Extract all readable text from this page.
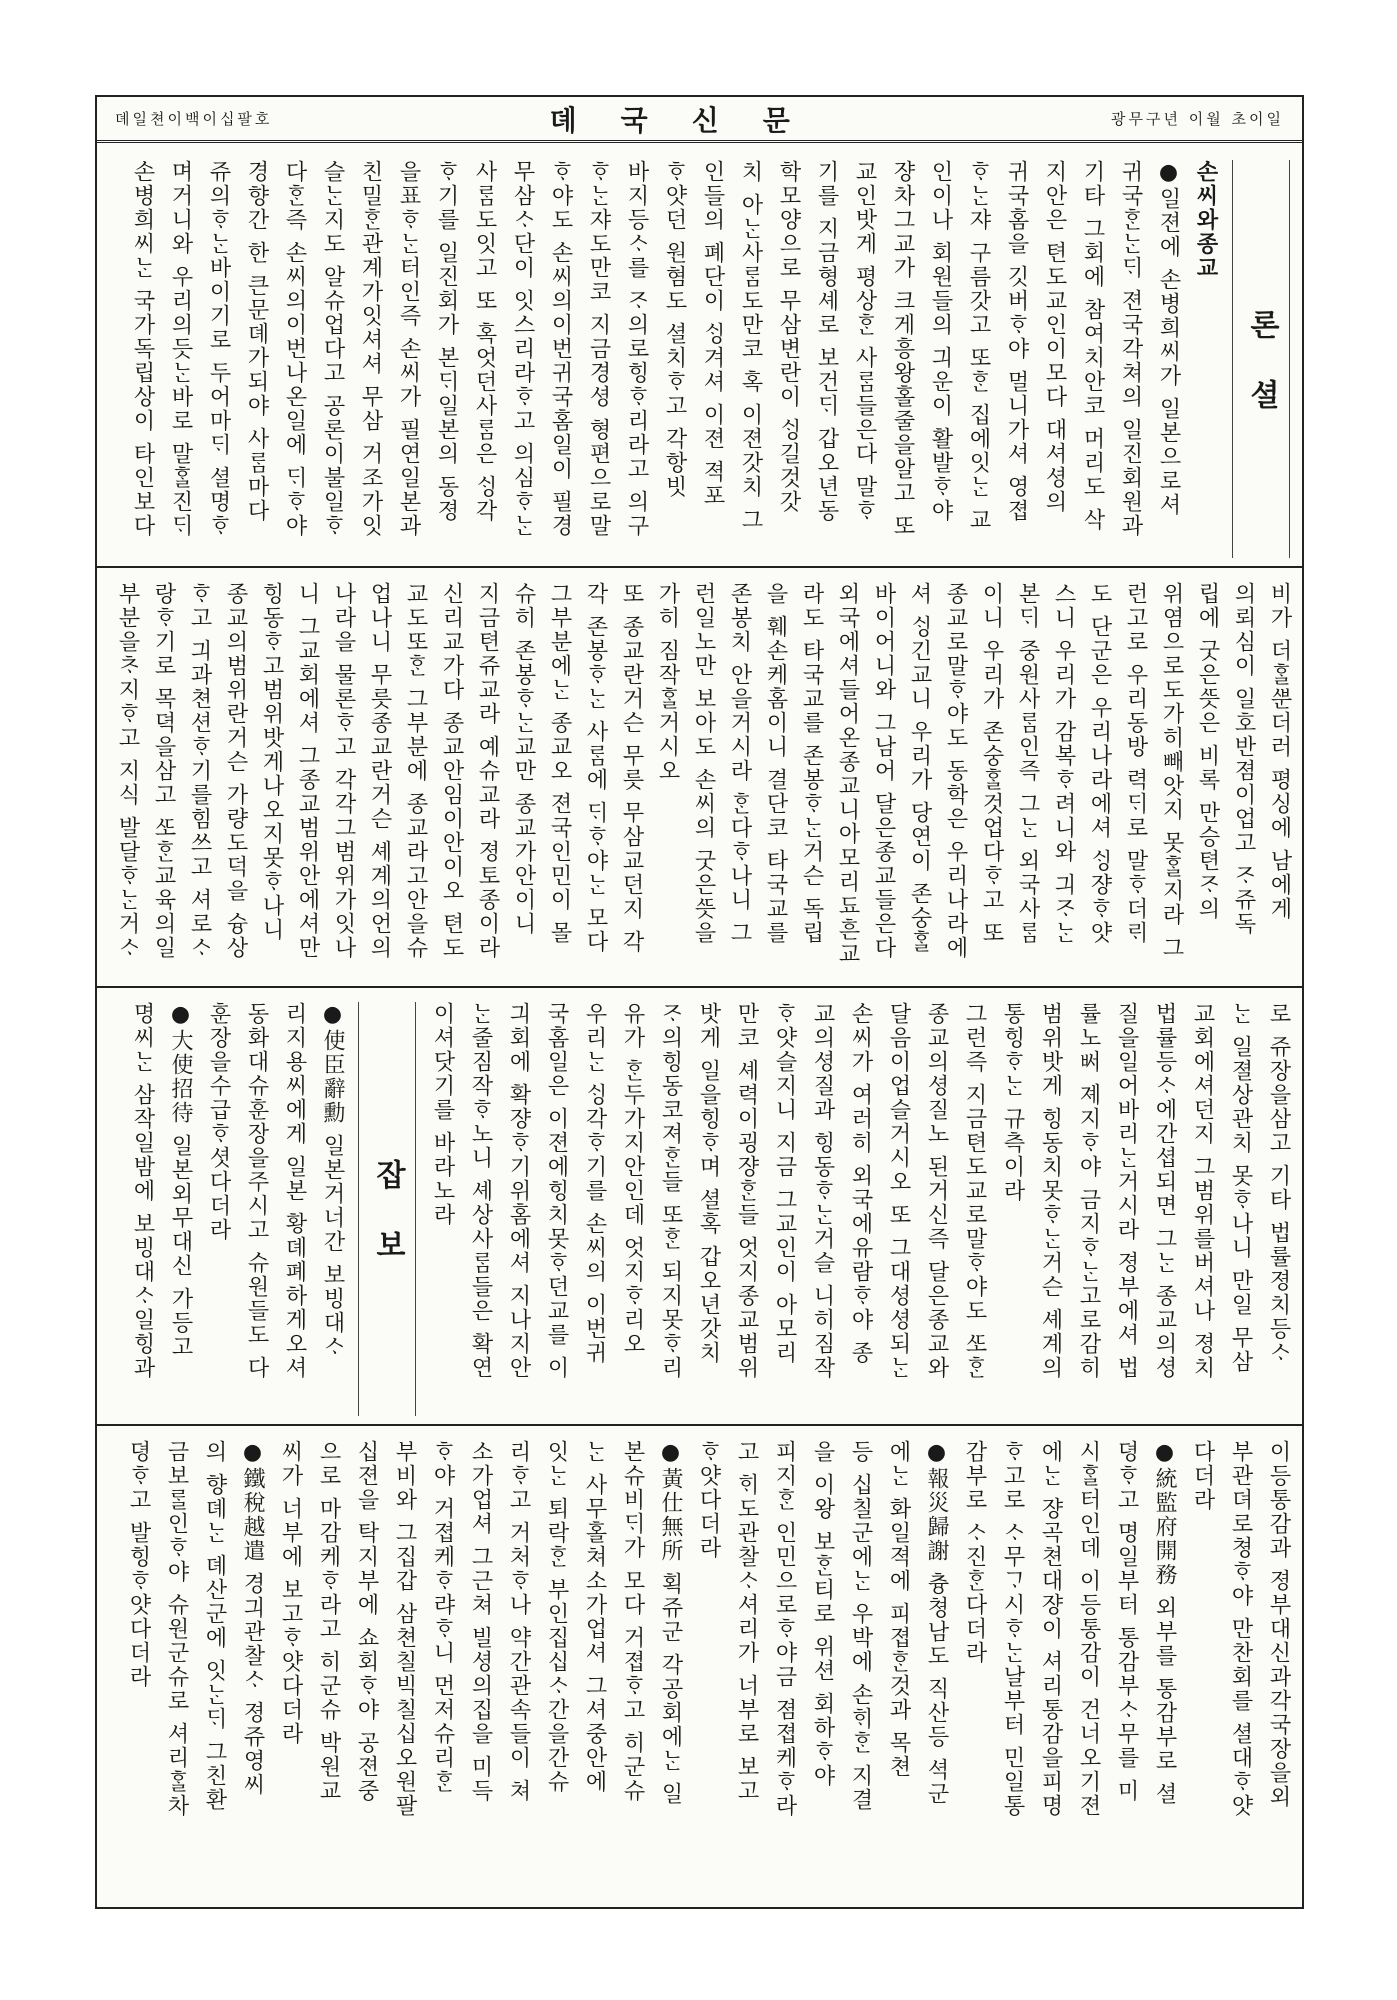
뎨일쳔이백이십팔호	뎨국신문	광무구년 이월 초이일
론셜
손씨와종교
●일젼에 손병희씨가 일본으로셔
귀국ᄒᆞᆫᄂᆞᆫᄃᆡ 젼국각쳐의 일진회원과
기타 그회에 참여치안코 머리도 삭
지안은 텬도교인이모다 대셔셩의
귀국홈을 깃버ᄒᆞ야 멀니가셔 영졉
ᄒᆞᄂᆞᆫ쟈 구름갓고 또ᄒᆞᆫ 집에잇ᄂᆞᆫ 교
인이나 회원들의 긔운이 활발ᄒᆞ야
쟝차그교가 크게흥왕홀줄을알고 또
교인밧게 평상ᄒᆞᆫ 사ᄅᆞᆷ들은다 말ᄒᆞ
기를 지금형셰로 보건ᄃᆡ 갑오년동
학모양으로 무삼변란이 ᄉᆡᆼ길것갓
치 아ᄂᆞᆫ사ᄅᆞᆷ도만코 혹 이젼갓치 그
인들의 폐단이 ᄉᆡᆼ겨셔 이젼 젹포
ᄒᆞ얏던 원혐도 셜치ᄒᆞ고 각항빗
바지등ᄉᆞ를 ᄌᆞ의로힝ᄒᆞ리라고 의구
ᄒᆞᄂᆞᆫ쟈도만코 지금경셩 형편으로말
ᄒᆞ야도 손씨의이번귀국홈일이 필경
무삼ᄉᆞ단이 잇스리라ᄒᆞ고 의심ᄒᆞᄂᆞᆫ
사ᄅᆞᆷ도잇고 또 혹엇던사ᄅᆞᆷ은 ᄉᆡᆼ각
ᄒᆞ기를 일진회가 본ᄃᆡ일본의 동졍
을표ᄒᆞᄂᆞᆫ터인즉 손씨가 필연일본과
친밀ᄒᆞᆫ관계가잇셔셔 무삼 거조가잇
슬ᄂᆞᆫ지도 알슈업다고 공론이불일ᄒᆞ
다ᄒᆞᆫ즉 손씨의이번나온일에 ᄃᆡᄒᆞ야
경향간 한 큰문뎨가되야 사ᄅᆞᆷ마다
쥬의ᄒᆞᄂᆞᆫ바이기로 두어마ᄃᆡ 셜명ᄒᆞ
며거니와 우리의듯ᄂᆞᆫ바로 말ᄒᆞᆯ진ᄃᆡ
손병희씨ᄂᆞᆫ 국가독립상이 타인보다
비가 더ᄒᆞᆯᄲᅮᆫ더러 평싱에 남에게
의뢰심이 일호반졈이업고 ᄌᆞ쥬독
립에 굿은ᄯᅳᆺ은 비록 만승텬ᄌᆞ의
위염으로도가히빼앗지 못ᄒᆞᆯ지라 그
런고로 우리동방 력ᄃᆡ로 말ᄒᆞ더ᄅᆡ
도 단군은 우리나라에셔 ᄉᆡᆼ쟝ᄒᆞ얏
스니 우리가 감복ᄒᆞ려니와 긔ᄌᆞᄂᆞᆫ
본ᄃᆡ 중원사ᄅᆞᆷ인즉 그ᄂᆞᆫ 외국사ᄅᆞᆷ
이니 우리가 존숭ᄒᆞᆯ것업다ᄒᆞ고 또
종교로말ᄒᆞ야도 동학은 우리나라에
셔 ᄉᆡᆼ긴교니 우리가 당연이 존숭ᄒᆞᆯ
바이어니와 그남어 달은종교들은다
외국에셔들어온종교니아모리됴흔교
라도 타국교를 존봉ᄒᆞᄂᆞᆫ거슨 독립
을 훼손케홈이니 결단코 타국교를
존봉치 안을거시라 ᄒᆞᆫ다ᄒᆞ나니 그
런일노만 보아도 손씨의 굿은ᄯᅳᆺ을
가히 짐작ᄒᆞᆯ거시오
또 종교란거슨 무릇 무삼교던지 각
각 존봉ᄒᆞᄂᆞᆫ 사ᄅᆞᆷ에 ᄃᆡᄒᆞ야ᄂᆞᆫ 모다
그부분에ᄂᆞᆫ 종교오 젼국인민이 몰
슈히 존봉ᄒᆞᄂᆞᆫ교만 종교가안이니
지금텬쥬교라 예슈교라 졍토종이라
신리교가다 종교안임이안이오 텬도
교도또ᄒᆞᆫ 그부분에 종교라고안을슈
업나니 무릇종교란거슨 셰계의언의
나라을 물론ᄒᆞ고 각각그범위가잇나
니 그교회에셔 그종교범위안에셔만
힝동ᄒᆞ고범위밧게나오지못ᄒᆞ나니
종교의범위란거슨 가량도덕을 슝상
ᄒᆞ고 긔과쳔션ᄒᆞ기를힘쓰고 셔로ᄉᆞ
랑ᄒᆞ기로 목뎍을삼고 ᄯᅩᄒᆞᆫ교육의일
부분을ᄎᆞ지ᄒᆞ고 지식 발달ᄒᆞᄂᆞᆫ거ᄉᆞ
로 쥬장을삼고 기타 법률졍치등ᄉᆞ
ᄂᆞᆫ 일졀상관치 못ᄒᆞ나니 만일 무삼
교회에셔던지 그범위를버셔나 졍치
법률등ᄉᆞ에간셥되면 그ᄂᆞᆫ 종교의셩
질을일어바리ᄂᆞᆫ거시라 졍부에셔 법
률노ᄡᅥ 졔지ᄒᆞ야 금지ᄒᆞᄂᆞᆫ고로감히
범위밧게 힝동치못ᄒᆞᄂᆞᆫ거슨 셰계의
통힝ᄒᆞᄂᆞᆫ 규측이라
그런즉 지금텬도교로말ᄒᆞ야도 ᄯᅩᄒᆞᆫ
종교의셩질노 된거신즉 달은종교와
달음이업슬거시오 또 그대셩셩되ᄂᆞᆫ
손씨가 여러히 외국에유람ᄒᆞ야 종
교의셩질과 힝동ᄒᆞᄂᆞᆫ거슬 니히짐작
ᄒᆞ얏슬지니 지금 그교인이 아모리
만코 셰력이굉쟝ᄒᆞᆫ들 엇지종교범위
밧게 일을힝ᄒᆞ며 셜혹 갑오년갓치
ᄌᆞ의힝동코져ᄒᆞᆫ들 또ᄒᆞᆫ 되지못ᄒᆞ리
유가 ᄒᆞᆫ두가지안인데 엇지ᄒᆞ리오
우리ᄂᆞᆫ ᄉᆡᆼ각ᄒᆞ기를 손씨의 이번귀
국홈일은 이젼에힝치못ᄒᆞ던교를 이
긔회에 확쟝ᄒᆞ기위홈에셔 지나지안
ᄂᆞᆫ줄짐작ᄒᆞ노니 셰상사ᄅᆞᆷ들은 확연
이셔닷기를 바라노라
잡보
●使臣辭勳 일본거너간 보빙대ᄉᆞ
리지용씨에게 일본 황뎨폐하게오셔
동화대슈훈장을주시고 슈원들도 다
훈장을수급ᄒᆞ셧다더라
●大使招待 일본외무대신 가등고
명씨ᄂᆞᆫ 삼작일밤에 보빙대ᄉᆞ일힝과
이등통감과 졍부대신과각국장을외
부관뎌로쳥ᄒᆞ야 만찬회를 셜대ᄒᆞ얏
다더라
●統監府開務 외부를 통감부로 셜
뎡ᄒᆞ고 명일부터 통감부ᄉᆞ무를 미
시ᄒᆞᆯ터인데 이등통감이 건너오기젼
에ᄂᆞᆫ 쟝곡쳔대쟝이 셔리통감을피명
ᄒᆞ고로 ᄉᆞ무ᄀᆞ시ᄒᆞᄂᆞᆫ날부터 민일통
감부로 ᄉᆞ진ᄒᆞᆫ다더라
●報災歸謝 츙쳥남도 직산등 셕군
에ᄂᆞᆫ 화일젹에 피졉ᄒᆞᆫ것과 목쳔
등 십칠군에ᄂᆞᆫ 우박에 손ᄒᆡᄒᆞᆫ 지결
을 이왕 보ᄒᆞᆫ티로 위션 회하ᄒᆞ야
피지ᄒᆞᆫ 인민으로ᄒᆞ야금 졈졉케ᄒᆞ라
고 ᄒᆡ도관찰ᄉᆞ셔리가 너부로 보고
ᄒᆞ얏다더라
●黃仕無所 획쥬군 각공회에ᄂᆞᆫ 일
본슈비ᄃᆡ가 모다 거졉ᄒᆞ고 히군슈
ᄂᆞᆫ 사무홀쳐소가업셔 그셔중안에
잇ᄂᆞᆫ 퇴락ᄒᆞᆫ 부인집십ᄉᆞ간을간슈
리ᄒᆞ고 거처ᄒᆞ나 약간관속들이 쳐
소가업셔 그근쳐 빌셩의집을 미득
ᄒᆞ야 거졉케ᄒᆞ랴ᄒᆞ니 먼저슈리ᄒᆞᆫ
부비와 그집갑 삼쳔칠빅칠십오원팔
십젼을 탁지부에 쇼회ᄒᆞ야 공젼중
으로 마감케ᄒᆞ라고 히군슈 박원교
씨가 너부에 보고ᄒᆞ얏다더라
●鐵稅越遣 경긔관찰ᄉᆞ 졍쥬영씨
의 향뎨ᄂᆞᆫ 뎨산군에 잇ᄂᆞᆫᄃᆡ 그친환
금보ᄅᆞᆯ인ᄒᆞ야 슈원군슈로 셔리ᄒᆞᆯ차
뎡ᄒᆞ고 발힝ᄒᆞ얏다더라
